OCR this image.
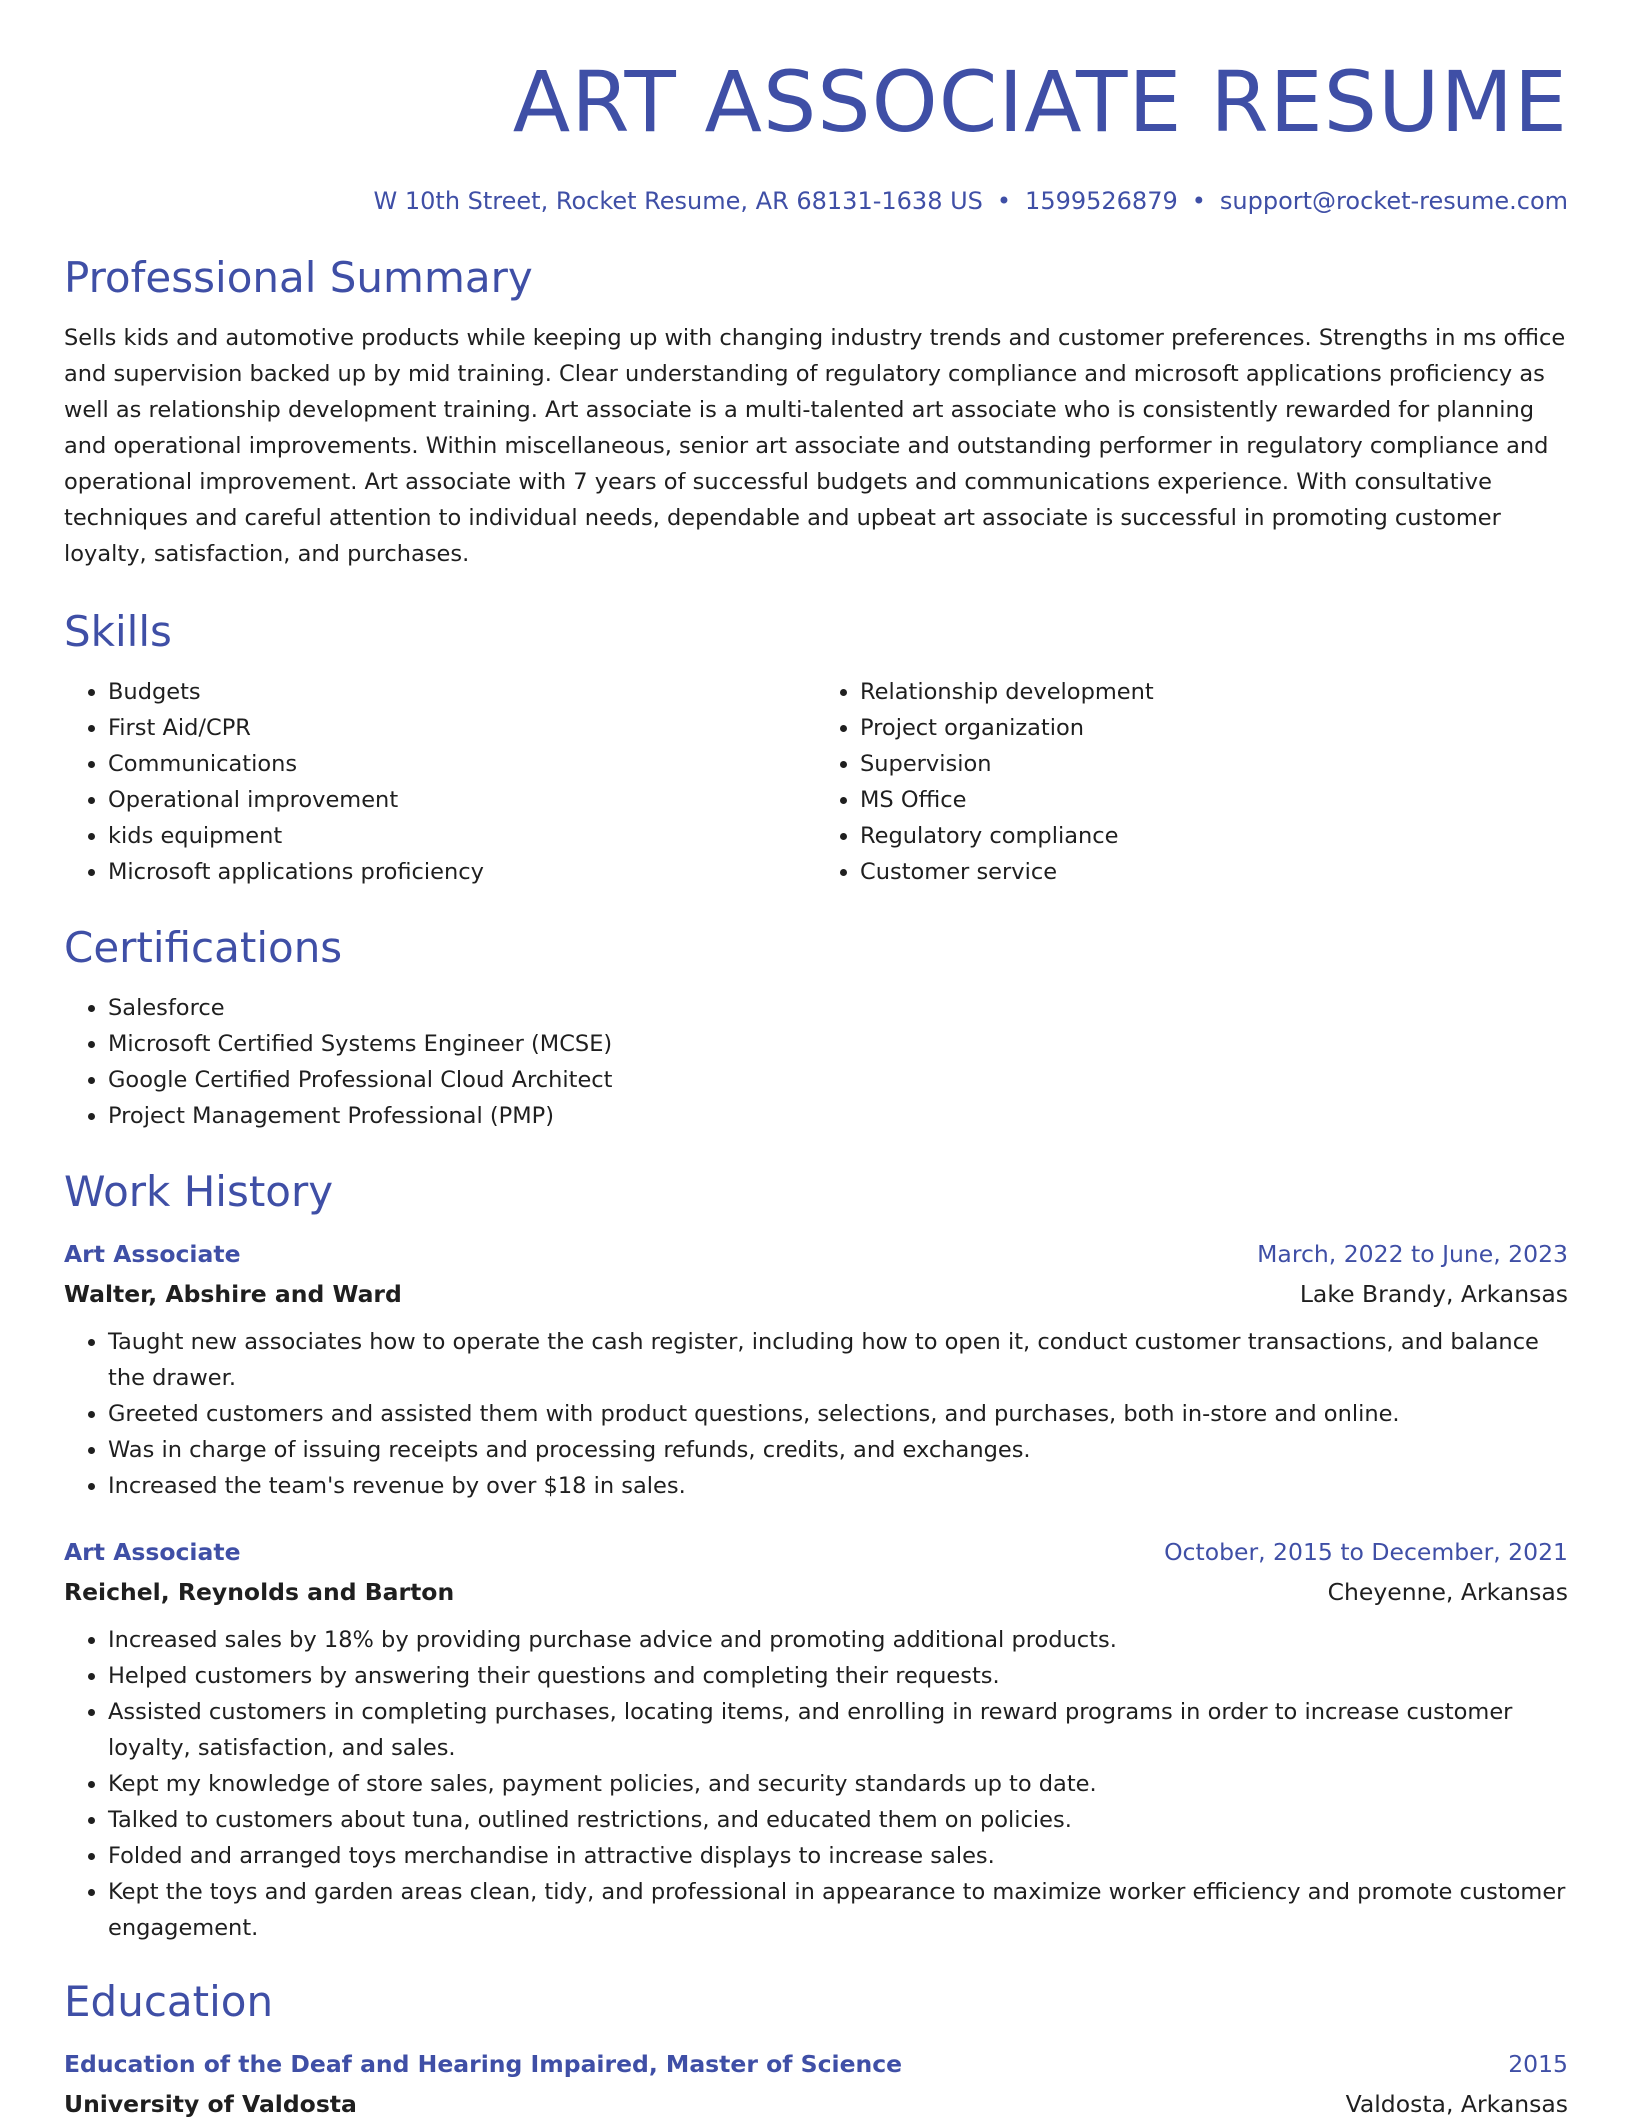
ART ASSOCIATE RESUME
W 10th Street, Rocket Resume, AR 68131-1638 US • 1599526879 • support@rocket-resume.com
Professional Summary

Sells kids and automotive products while keeping up with changing industry trends and customer preferences. Strengths in ms office and supervision backed up by mid training. Clear understanding of regulatory compliance and microsoft applications proficiency as well as relationship development training. Art associate is a multi-talented art associate who is consistently rewarded for planning and operational improvements. Within miscellaneous, senior art associate and outstanding performer in regulatory compliance and operational improvement. Art associate with 7 years of successful budgets and communications experience. With consultative techniques and careful attention to individual needs, dependable and upbeat art associate is successful in promoting customer loyalty, satisfaction, and purchases.

Skills
• Budgets
• First Aid/CPR
• Communications
• Operational improvement
• kids equipment
• Microsoft applications proficiency
• Relationship development
• Project organization
• Supervision
• MS Office
• Regulatory compliance
• Customer service
Certifications
• Salesforce
• Microsoft Certified Systems Engineer (MCSE)
• Google Certified Professional Cloud Architect
• Project Management Professional (PMP)
Work History
Art Associate	March, 2022 to June, 2023
Walter, Abshire and Ward	Lake Brandy, Arkansas
• Taught new associates how to operate the cash register, including how to open it, conduct customer transactions, and balance the drawer.
• Greeted customers and assisted them with product questions, selections, and purchases, both in-store and online.
• Was in charge of issuing receipts and processing refunds, credits, and exchanges.
• Increased the team's revenue by over $18 in sales.
Art Associate	October, 2015 to December, 2021
Reichel, Reynolds and Barton	Cheyenne, Arkansas
• Increased sales by 18% by providing purchase advice and promoting additional products.
• Helped customers by answering their questions and completing their requests.
• Assisted customers in completing purchases, locating items, and enrolling in reward programs in order to increase customer loyalty, satisfaction, and sales.
• Kept my knowledge of store sales, payment policies, and security standards up to date.
• Talked to customers about tuna, outlined restrictions, and educated them on policies.
• Folded and arranged toys merchandise in attractive displays to increase sales.
• Kept the toys and garden areas clean, tidy, and professional in appearance to maximize worker efficiency and promote customer engagement.
Education
Education of the Deaf and Hearing Impaired, Master of Science	2015
University of Valdosta	Valdosta, Arkansas
